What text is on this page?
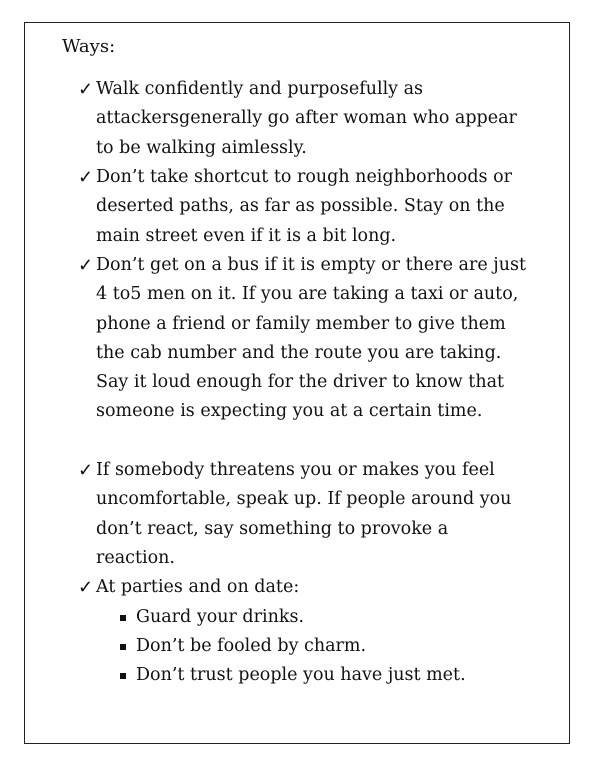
Ways:
✓ Walk confidently and purposefully as attackersgenerally go after woman who appear to be walking aimlessly.
✓ Don’t take shortcut to rough neighborhoods or deserted paths, as far as possible. Stay on the main street even if it is a bit long.
✓ Don’t get on a bus if it is empty or there are just 4 to5 men on it. If you are taking a taxi or auto, phone a friend or family member to give them the cab number and the route you are taking. Say it loud enough for the driver to know that someone is expecting you at a certain time.
✓ If somebody threatens you or makes you feel uncomfortable, speak up. If people around you don’t react, say something to provoke a reaction.
✓ At parties and on date:
Guard your drinks.
Don’t be fooled by charm.
Don’t trust people you have just met.
